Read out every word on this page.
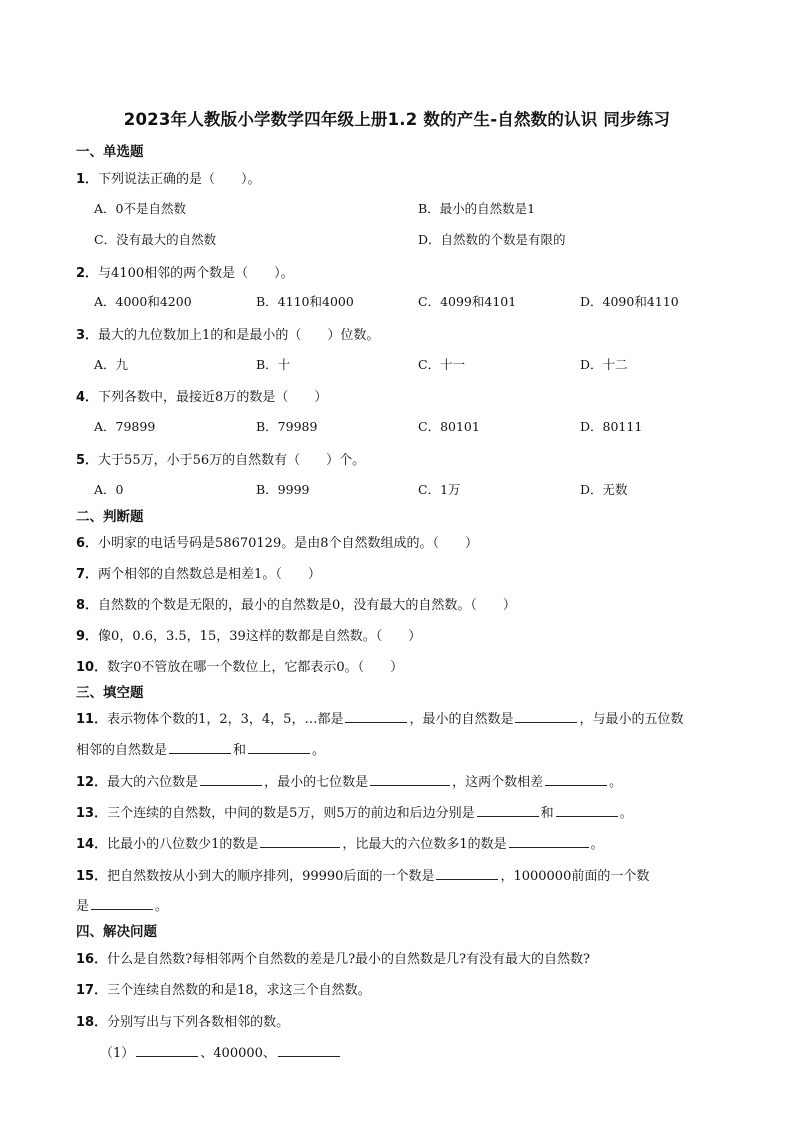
2023年人教版小学数学四年级上册1.2 数的产生-自然数的认识 同步练习
一、单选题
1．下列说法正确的是（　　）。
A．0不是自然数	B．最小的自然数是1
C．没有最大的自然数	D．自然数的个数是有限的
2．与4100相邻的两个数是（　　）。
A．4000和4200	B．4110和4000	C．4099和4101	D．4090和4110
3．最大的九位数加上1的和是最小的（　　）位数。
A．九	B．十	C．十一	D．十二
4．下列各数中，最接近8万的数是（　　）
A．79899	B．79989	C．80101	D．80111
5．大于55万，小于56万的自然数有（　　）个。
A．0	B．9999	C．1万	D．无数
二、判断题
6．小明家的电话号码是58670129。是由8个自然数组成的。（　　）
7．两个相邻的自然数总是相差1。（　　）
8．自然数的个数是无限的，最小的自然数是0，没有最大的自然数。（　　）
9．像0，0.6，3.5，15，39这样的数都是自然数。（　　）
10．数字0不管放在哪一个数位上，它都表示0。（　　）
三、填空题
11．表示物体个数的1，2，3，4，5，…都是	，最小的自然数是	，与最小的五位数
相邻的自然数是	和	。
12．最大的六位数是	，最小的七位数是	，这两个数相差	。
13．三个连续的自然数，中间的数是5万，则5万的前边和后边分别是	和	。
14．比最小的八位数少1的数是	，比最大的六位数多1的数是	。
15．把自然数按从小到大的顺序排列，99990后面的一个数是	，1000000前面的一个数
是	。
四、解决问题
16．什么是自然数?每相邻两个自然数的差是几?最小的自然数是几?有没有最大的自然数?
17．三个连续自然数的和是18，求这三个自然数。
18．分别写出与下列各数相邻的数。
（1）	、400000、
